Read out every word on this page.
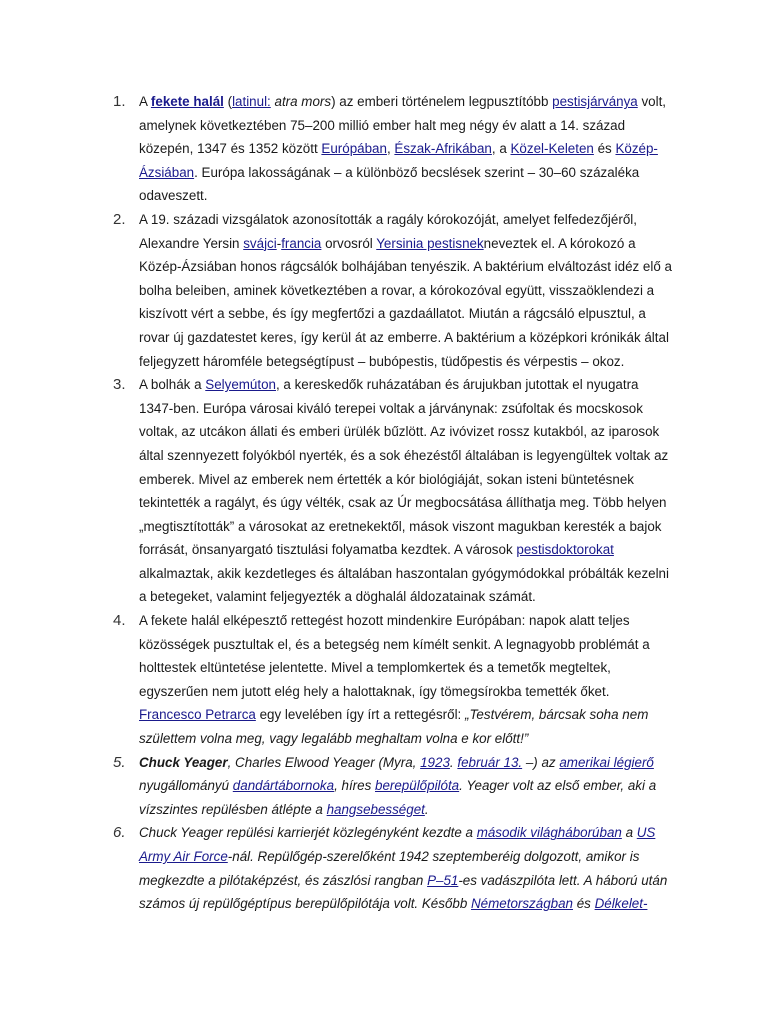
1.	A fekete halál (latinul: atra mors) az emberi történelem legpusztítóbb pestisjárványa volt, amelynek következtében 75–200 millió ember halt meg négy év alatt a 14. század közepén, 1347 és 1352 között Európában, Észak-Afrikában, a Közel-Keleten és Közép-Ázsiában. Európa lakosságának – a különböző becslések szerint – 30–60 százaléka odaveszett.
2.	A 19. századi vizsgálatok azonosították a ragály kórokozóját, amelyet felfedezőjéről, Alexandre Yersin svájci-francia orvosról Yersinia pestisnekneveztek el. A kórokozó a Közép-Ázsiában honos rágcsálók bolhájában tenyészik. A baktérium elváltozást idéz elő a bolha beleiben, aminek következtében a rovar, a kórokozóval együtt, visszaöklendezi a kiszívott vért a sebbe, és így megfertőzi a gazdaállatot. Miután a rágcsáló elpusztul, a rovar új gazdatestet keres, így kerül át az emberre. A baktérium a középkori krónikák által feljegyzett háromféle betegségtípust – bubópestis, tüdőpestis és vérpestis – okoz.
3.	A bolhák a Selyemúton, a kereskedők ruházatában és árujukban jutottak el nyugatra 1347-ben. Európa városai kiváló terepei voltak a járványnak: zsúfoltak és mocskosok voltak, az utcákon állati és emberi ürülék bűzlött. Az ivóvizet rossz kutakból, az iparosok által szennyezett folyókból nyerték, és a sok éhezéstől általában is legyengültek voltak az emberek. Mivel az emberek nem értették a kór biológiáját, sokan isteni büntetésnek tekintették a ragályt, és úgy vélték, csak az Úr megbocsátása állíthatja meg. Több helyen „megtisztították” a városokat az eretnekektől, mások viszont magukban keresték a bajok forrását, önsanyargató tisztulási folyamatba kezdtek. A városok pestisdoktorokat alkalmaztak, akik kezdetleges és általában haszontalan gyógymódokkal próbálták kezelni a betegeket, valamint feljegyezték a döghalál áldozatainak számát.
4.	A fekete halál elképesztő rettegést hozott mindenkire Európában: napok alatt teljes közösségek pusztultak el, és a betegség nem kímélt senkit. A legnagyobb problémát a holttestek eltüntetése jelentette. Mivel a templomkertek és a temetők megteltek, egyszerűen nem jutott elég hely a halottaknak, így tömegsírokba temették őket. Francesco Petrarca egy levelében így írt a rettegésről: „Testvérem, bárcsak soha nem születtem volna meg, vagy legalább meghaltam volna e kor előtt!”
5.	Chuck Yeager, Charles Elwood Yeager (Myra, 1923. február 13. –) az amerikai légierő nyugállományú dandártábornoka, híres berepülőpilóta. Yeager volt az első ember, aki a vízszintes repülésben átlépte a hangsebességet.
6.	Chuck Yeager repülési karrierjét közlegényként kezdte a második világháborúban a US Army Air Force-nál. Repülőgép-szerelőként 1942 szeptemberéig dolgozott, amikor is megkezdte a pilótaképzést, és zászlósi rangban P–51-es vadászpilóta lett. A háború után számos új repülőgéptípus berepülőpilótája volt. Később Németországban és Délkelet-
